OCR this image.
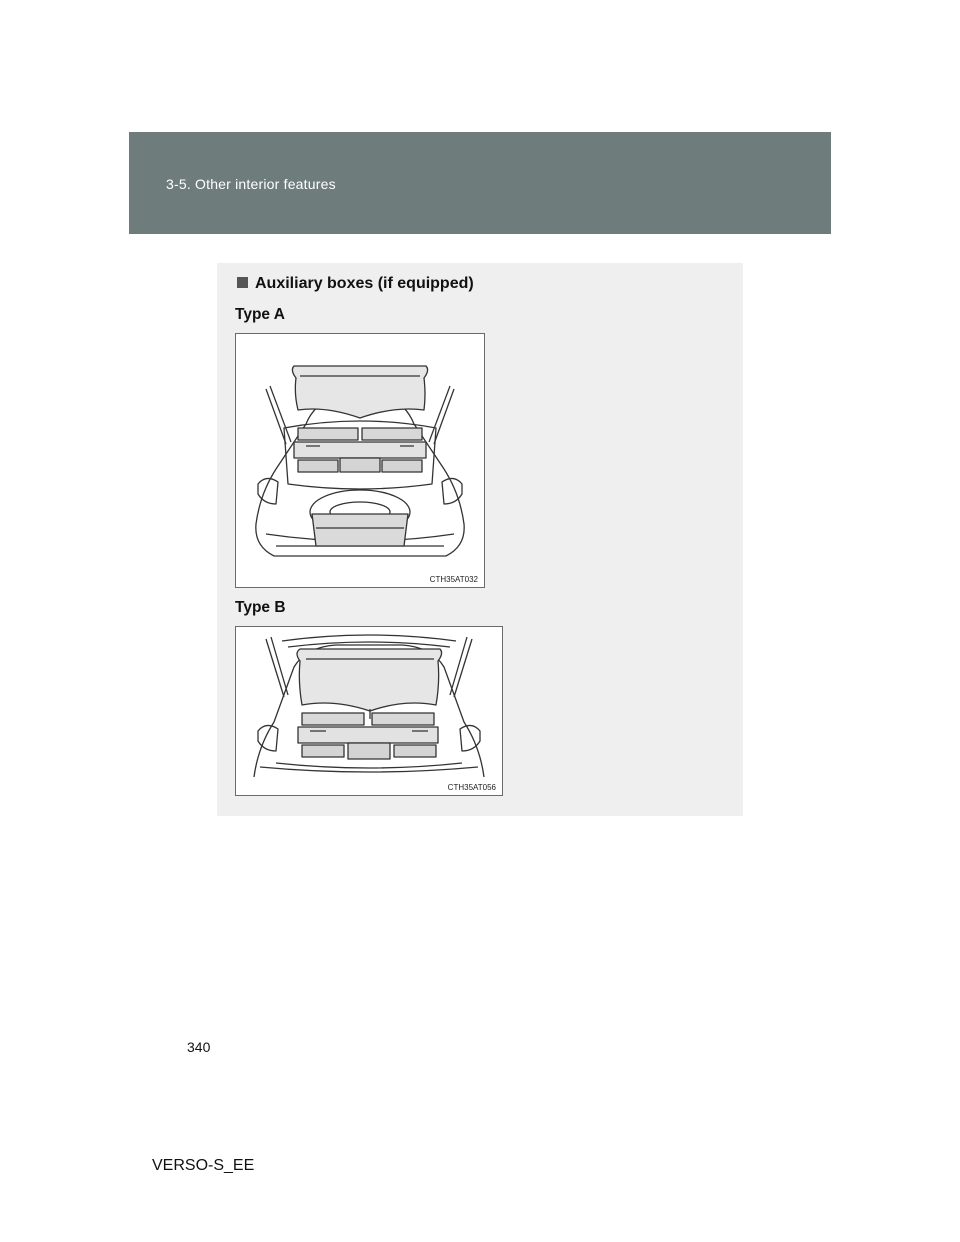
3-5. Other interior features
Auxiliary boxes (if equipped)
Type A
CTH35AT032
Type B
CTH35AT056
340
VERSO-S_EE
